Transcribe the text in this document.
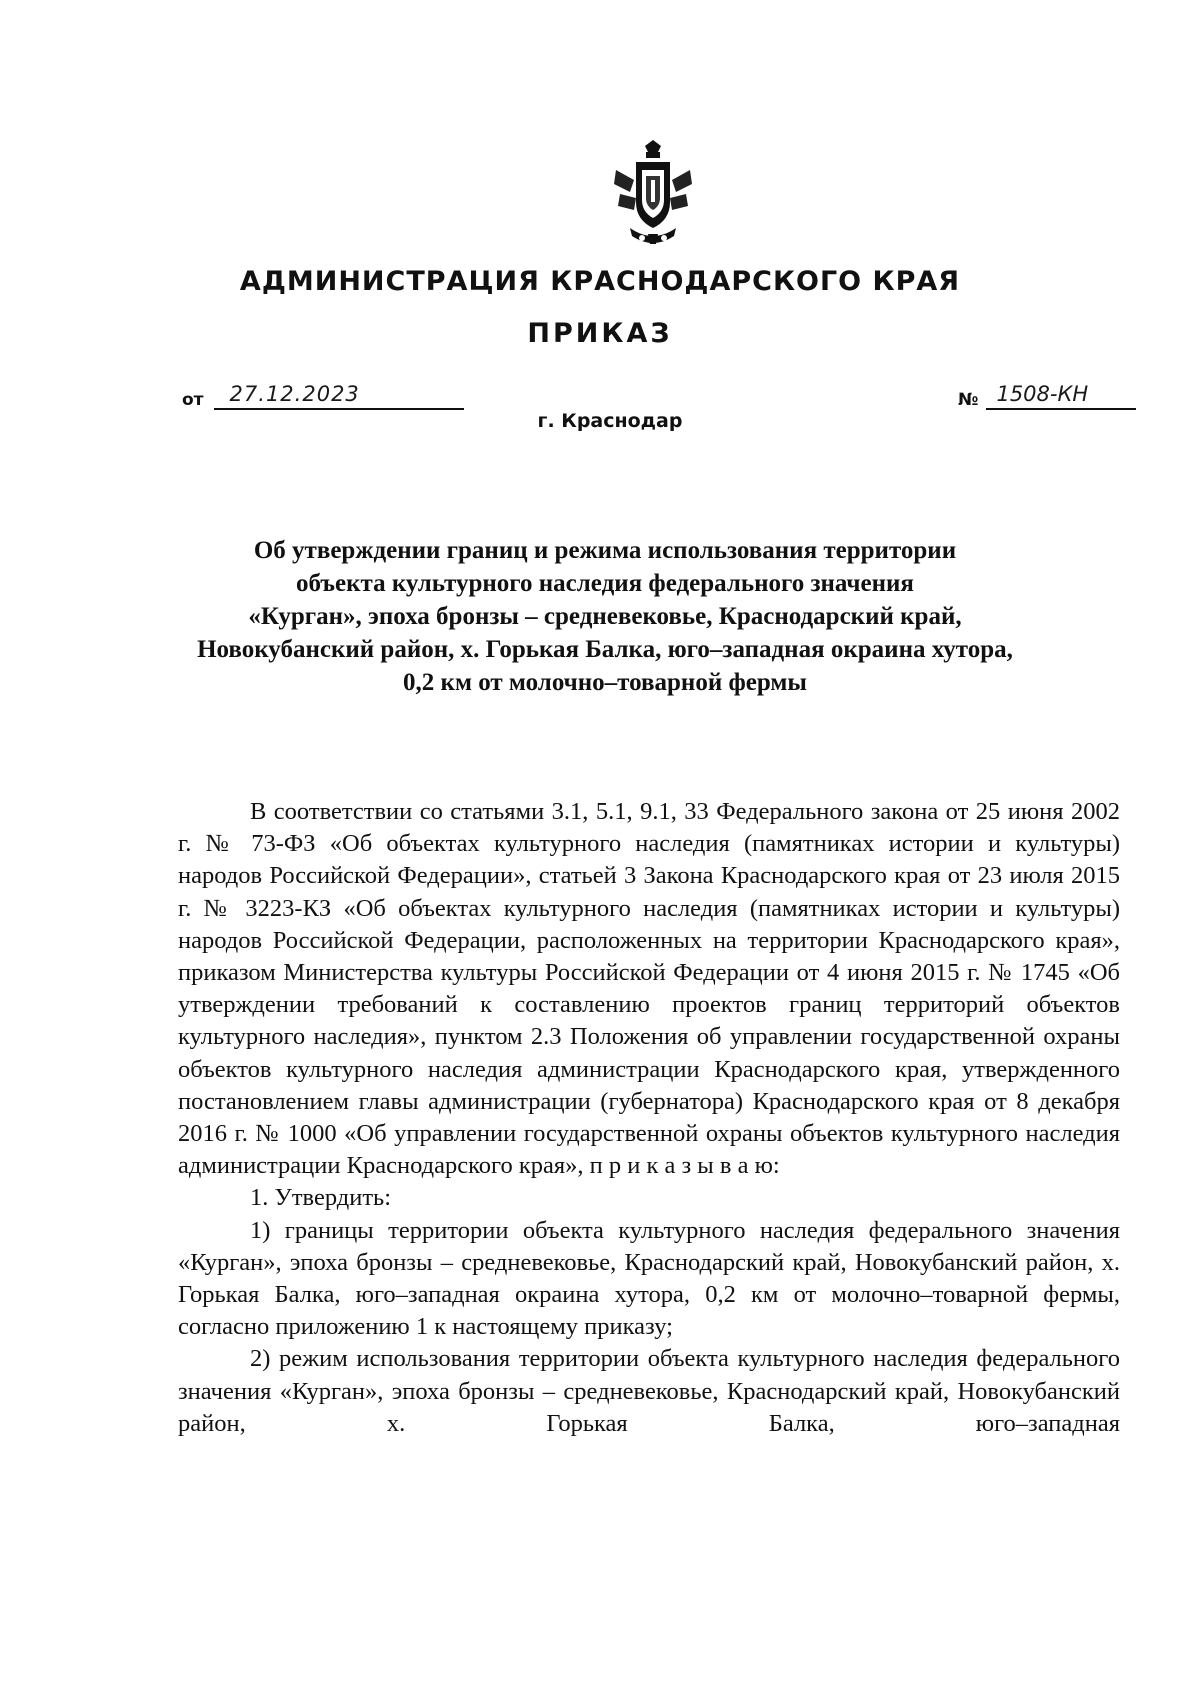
АДМИНИСТРАЦИЯ КРАСНОДАРСКОГО КРАЯ
ПРИКАЗ
от 27.12.2023	№ 1508-КН
г. Краснодар
Об утверждении границ и режима использования территории
объекта культурного наследия федерального значения
«Курган», эпоха бронзы – средневековье, Краснодарский край,
Новокубанский район, х. Горькая Балка, юго–западная окраина хутора,
0,2 км от молочно–товарной фермы

В соответствии со статьями 3.1, 5.1, 9.1, 33 Федерального закона от 25 июня 2002 г. № 73-ФЗ «Об объектах культурного наследия (памятниках истории и культуры) народов Российской Федерации», статьей 3 Закона Краснодарского края от 23 июля 2015 г. № 3223-КЗ «Об объектах культурного наследия (памятниках истории и культуры) народов Российской Федерации, расположенных на территории Краснодарского края», приказом Министерства культуры Российской Федерации от 4 июня 2015 г. № 1745 «Об утверждении требований к составлению проектов границ территорий объектов культурного наследия», пунктом 2.3 Положения об управлении государственной охраны объектов культурного наследия администрации Краснодарского края, утвержденного постановлением главы администрации (губернатора) Краснодарского края от 8 декабря 2016 г. № 1000 «Об управлении государственной охраны объектов культурного наследия администрации Краснодарского края», п р и к а з ы в а ю:

1. Утвердить:

1) границы территории объекта культурного наследия федерального значения «Курган», эпоха бронзы – средневековье, Краснодарский край, Новокубанский район, х. Горькая Балка, юго–западная окраина хутора, 0,2 км от молочно–товарной фермы, согласно приложению 1 к настоящему приказу;

2) режим использования территории объекта культурного наследия федерального значения «Курган», эпоха бронзы – средневековье, Краснодарский край, Новокубанский район, х. Горькая Балка, юго–западная
